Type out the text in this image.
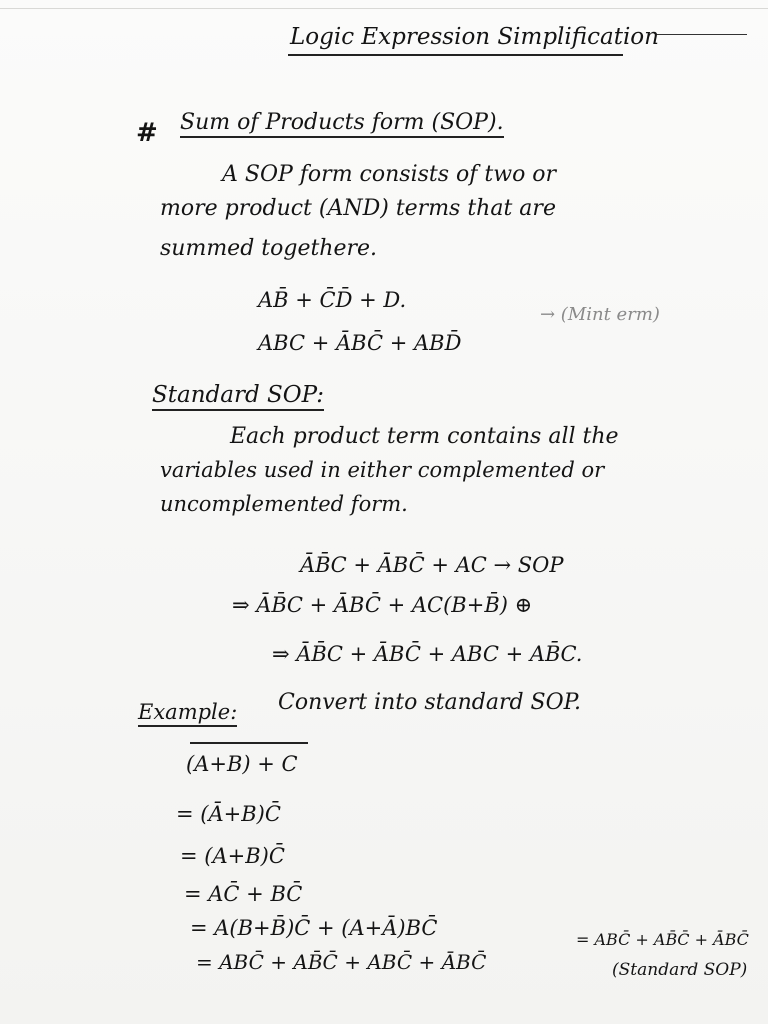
Logic Expression Simplification
# Sum of Products form (SOP).
A SOP form consists of two or
more product (AND) terms that are
summed togethere.
AB̄ + C̄D̄ + D.
ABC + ĀBC̄ + ABD̄
→ (Mint erm)
Standard SOP:
Each product term contains all the
variables used in either complemented or
uncomplemented form.
ĀB̄C + ĀBC̄ + AC → SOP
⇒ ĀB̄C + ĀBC̄ + AC(B+B̄) ⊕
⇒ ĀB̄C + ĀBC̄ + ABC + AB̄C.
Example: Convert into standard SOP.
(A+B) + C
= (Ā+B)C̄
= (A+B)C̄
= AC̄ + BC̄
= A(B+B̄)C̄ + (A+Ā)BC̄
= ABC̄ + AB̄C̄ + ABC̄ + ĀBC̄
= ABC̄ + AB̄C̄ + ĀBC̄
(Standard SOP)
